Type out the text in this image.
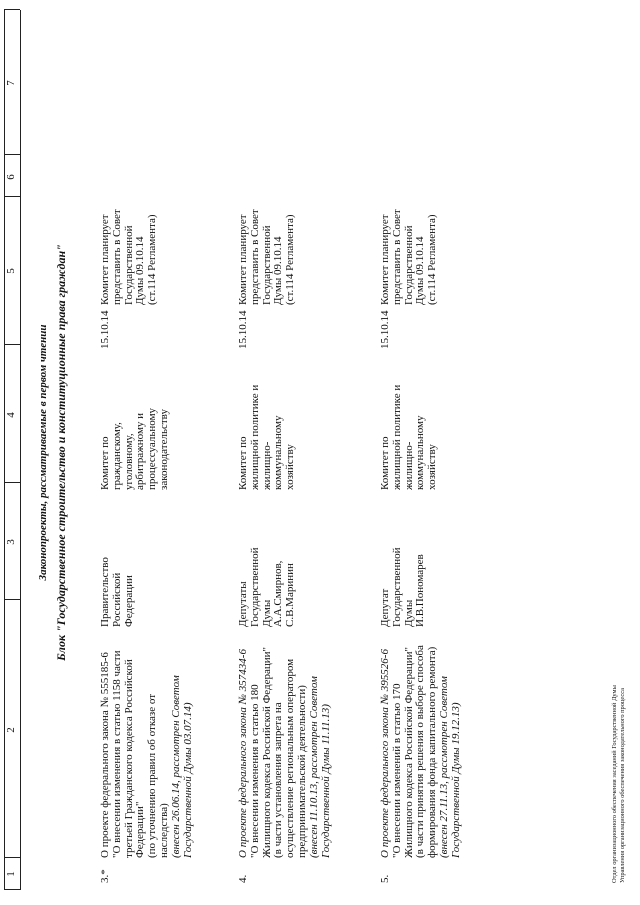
1
2
3
4
5
6
7
Законопроекты, рассматриваемые в первом чтении Блок "Государственное строительство и конституционные права граждан"
3.*
О проекте федерального закона № 555185-6 "О внесении изменения в статью 1158 части третьей Гражданского кодекса Российской Федерации" (по уточнению правил об отказе от наследства) (внесен 26.06.14, рассмотрен Советом Государственной Думы 03.07.14)
Правительство Российской Федерации
Комитет по гражданскому, уголовному, арбитражному и процессуальному законодательству
15.10.14
Комитет планирует представить в Совет Государственной Думы 09.10.14 (ст.114 Регламента)
4.
О проекте федерального закона № 357434-6 "О внесении изменения в статью 180 Жилищного кодекса Российской Федерации" (в части установления запрета на осуществление региональным оператором предпринимательской деятельности) (внесен 11.10.13, рассмотрен Советом Государственной Думы 11.11.13)
Депутаты Государственной Думы А.А.Смирнов, С.В.Маринин
Комитет по жилищной политике и жилищно- коммунальному хозяйству
15.10.14
Комитет планирует представить в Совет Государственной Думы 09.10.14 (ст.114 Регламента)
5.
О проекте федерального закона № 395526-6 "О внесении изменений в статью 170 Жилищного кодекса Российской Федерации" (в части принятия решения о выборе способа формирования фонда капитального ремонта) (внесен 27.11.13, рассмотрен Советом Государственной Думы 19.12.13)
Депутат Государственной Думы И.В.Пономарев
Комитет по жилищной политике и жилищно- коммунальному хозяйству
15.10.14
Комитет планирует представить в Совет Государственной Думы 09.10.14 (ст.114 Регламента)
Отдел организационного обеспечения заседаний Государственной Думы Управления организационного обеспечения законодательного процесса
